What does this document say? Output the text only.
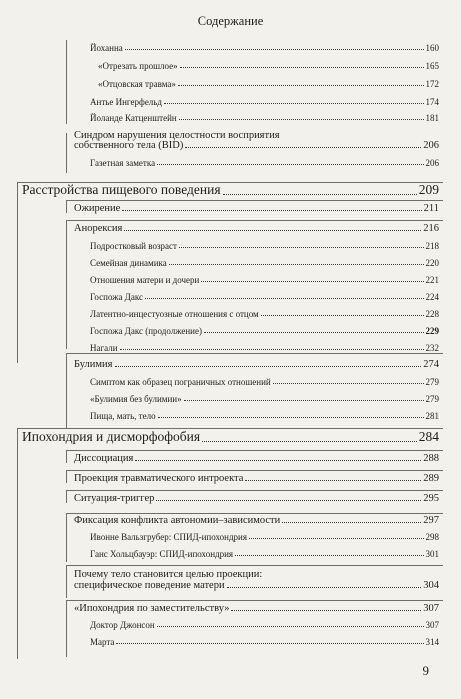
Содержание
Йоханна	160
«Отрезать прошлое»	165
«Отцовская травма»	172
Антье Ингерфельд	174
Йоланде Катценштейн	181
Синдром нарушения целостности восприятия
собственного тела (BID)	206
Газетная заметка	206
Расстройства пищевого поведения	209
Ожирение	211
Анорексия	216
Подростковый возраст	218
Семейная динамика	220
Отношения матери и дочери	221
Госпожа Дакс	224
Латентно-инцестуозные отношения с отцом	228
Госпожа Дакс (продолжение)	229
Нагали	232
Булимия	274
Симптом как образец пограничных отношений	279
«Булимия без булимии»	279
Пища, мать, тело	281
Ипохондрия и дисморфофобия	284
Диссоциация	288
Проекция травматического интроекта	289
Ситуация-триггер	295
Фиксация конфликта автономии–зависимости	297
Ивонне Вальзгрубер: СПИД-ипохондрия	298
Ганс Хольцбауэр: СПИД-ипохондрия	301
Почему тело становится целью проекции:
специфическое поведение матери	304
«Ипохондрия по заместительству»	307
Доктор Джонсон	307
Марта	314
9
